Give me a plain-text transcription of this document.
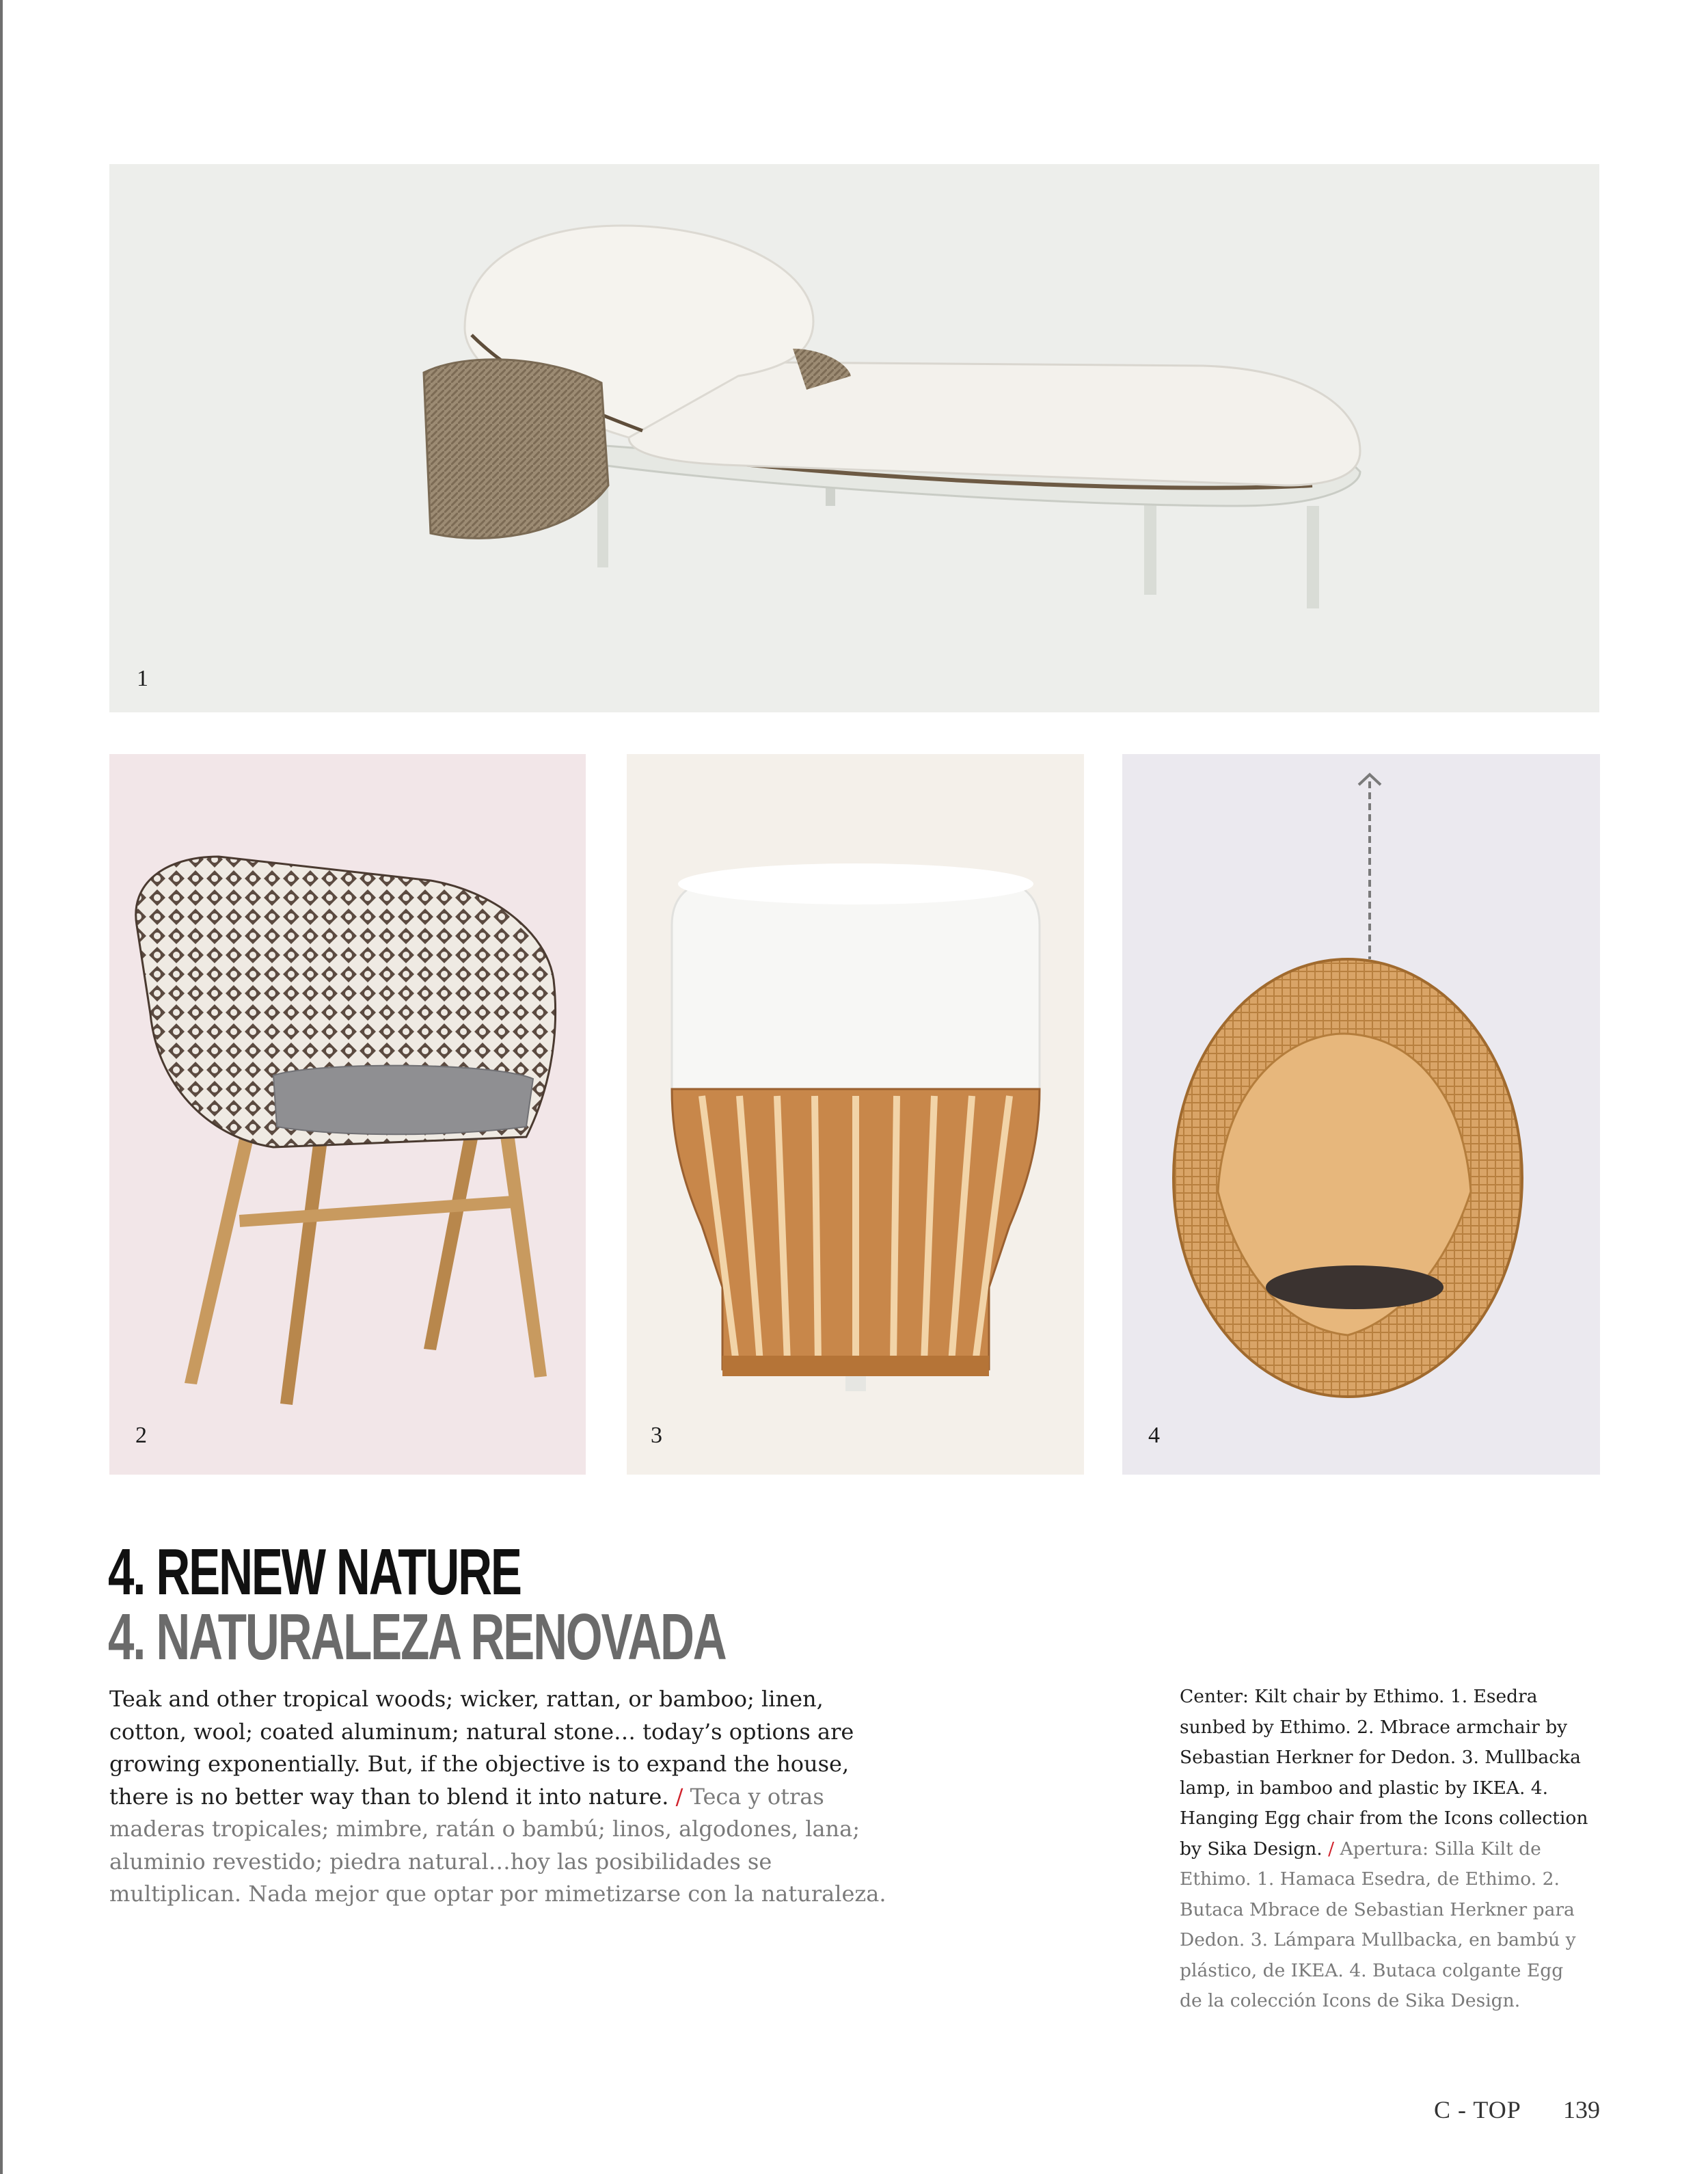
1
2	3	4
4. RENEW NATURE
4. NATURALEZA RENOVADA

Teak and other tropical woods; wicker, rattan, or bamboo; linen, cotton, wool; coated aluminum; natural stone… today’s options are growing exponentially. But, if the objective is to expand the house, there is no better way than to blend it into nature. / Teca y otras maderas tropicales; mimbre, ratán o bambú; linos, algodones, lana; aluminio revestido; piedra natural…hoy las posibilidades se multiplican. Nada mejor que optar por mimetizarse con la naturaleza.

Center: Kilt chair by Ethimo. 1. Esedra sunbed by Ethimo. 2. Mbrace armchair by Sebastian Herkner for Dedon. 3. Mullbacka lamp, in bamboo and plastic by IKEA. 4. Hanging Egg chair from the Icons collection by Sika Design. / Apertura: Silla Kilt de Ethimo. 1. Hamaca Esedra, de Ethimo. 2. Butaca Mbrace de Sebastian Herkner para Dedon. 3. Lámpara Mullbacka, en bambú y plástico, de IKEA. 4. Butaca colgante Egg de la colección Icons de Sika Design.

C - TOP 139
